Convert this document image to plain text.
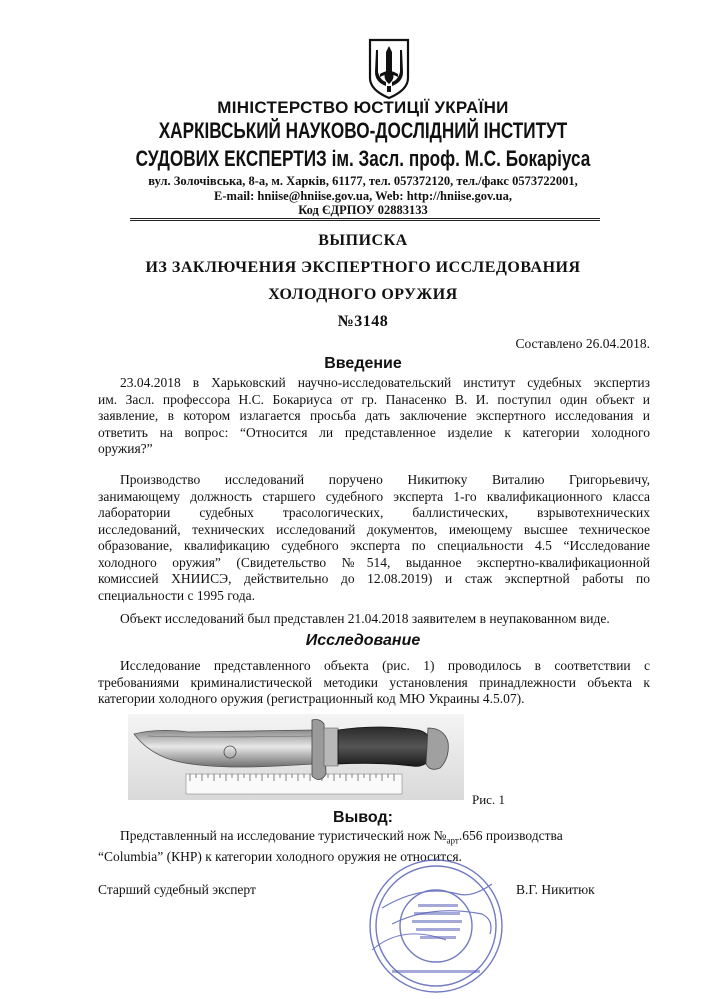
МІНІСТЕРСТВО ЮСТИЦІЇ УКРАЇНИ
ХАРКІВСЬКИЙ НАУКОВО-ДОСЛІДНИЙ ІНСТИТУТ
СУДОВИХ ЕКСПЕРТИЗ ім. Засл. проф. М.С. Бокаріуса
вул. Золочівська, 8-а, м. Харків, 61177, тел. 057372120, тел./факс 0573722001,
E-mail: hniise@hniise.gov.ua, Web: http://hniise.gov.ua,
Код ЄДРПОУ 02883133
ВЫПИСКА
ИЗ ЗАКЛЮЧЕНИЯ ЭКСПЕРТНОГО ИССЛЕДОВАНИЯ
ХОЛОДНОГО ОРУЖИЯ
№3148
Составлено 26.04.2018.
Введение
23.04.2018 в Харьковский научно-исследовательский институт судебных экспертиз
им. Засл. профессора Н.С. Бокариуса от гр. Панасенко В. И. поступил один объект и
заявление, в котором излагается просьба дать заключение экспертного исследования и
ответить на вопрос: “Относится ли представленное изделие к категории холодного
оружия?”
Производство исследований поручено Никитюку Виталию Григорьевичу,
занимающему должность старшего судебного эксперта 1-го квалификационного класса
лаборатории судебных трасологических, баллистических, взрывотехнических
исследований, технических исследований документов, имеющему высшее техническое
образование, квалификацию судебного эксперта по специальности 4.5 “Исследование
холодного оружия” (Свидетельство №514, выданное экспертно-квалификационной
комиссией ХНИИСЭ, действительно до 12.08.2019) и стаж экспертной работы по
специальности с 1995 года.
Объект исследований был представлен 21.04.2018 заявителем в неупакованном виде.
Исследование
Исследование представленного объекта (рис. 1) проводилось в соответствии с
требованиями криминалистической методики установления принадлежности объекта к
категории холодного оружия (регистрационный код МЮ Украины 4.5.07).
Рис. 1
Вывод:
Представленный на исследование туристический нож $№_{арт}.656$ производства
“Columbia” (КНР) к категории холодного оружия не относится.
Старший судебный эксперт	В.Г. Никитюк
